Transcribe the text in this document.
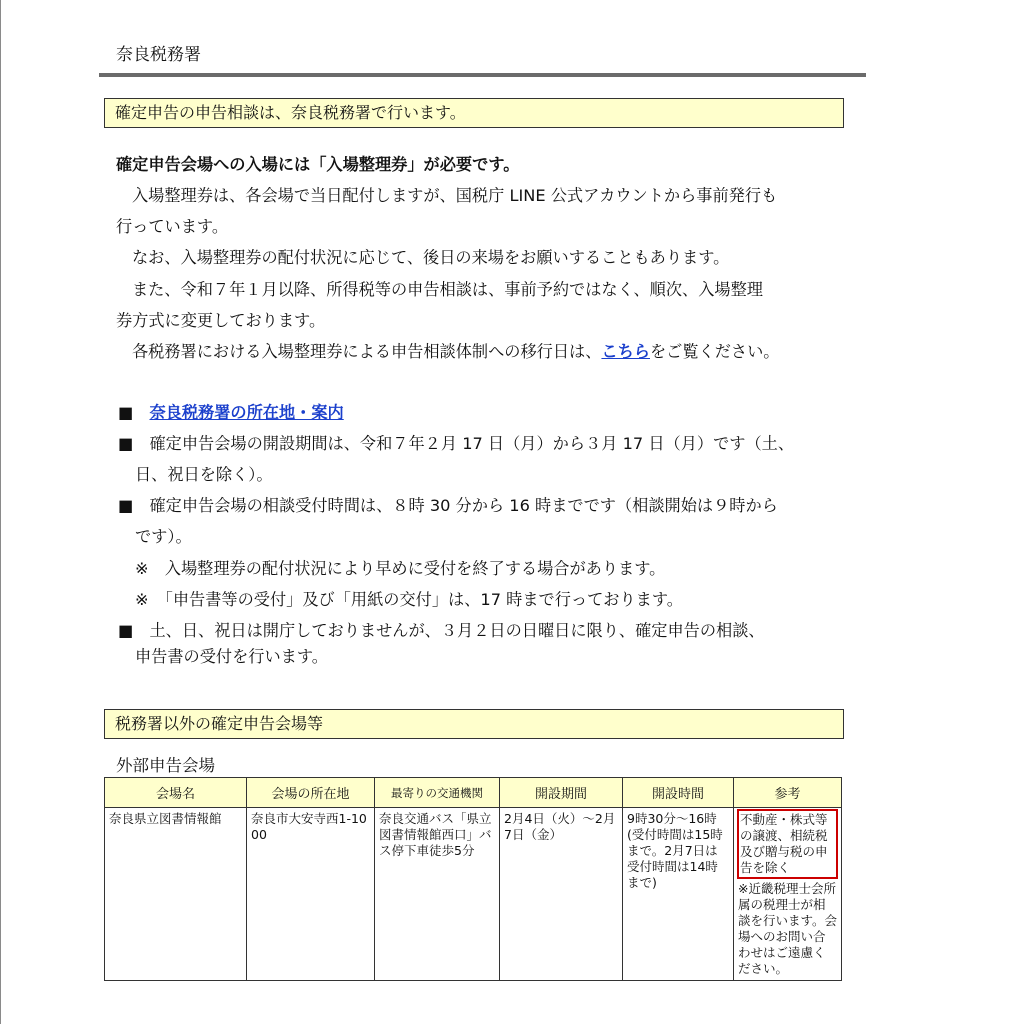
奈良税務署
確定申告の申告相談は、奈良税務署で行います。
確定申告会場への入場には「入場整理券」が必要です。
入場整理券は、各会場で当日配付しますが、国税庁 LINE 公式アカウントから事前発行も
行っています。
なお、入場整理券の配付状況に応じて、後日の来場をお願いすることもあります。
また、令和７年１月以降、所得税等の申告相談は、事前予約ではなく、順次、入場整理
券方式に変更しております。
各税務署における入場整理券による申告相談体制への移行日は、こちらをご覧ください。
■　 奈良税務署の所在地・案内
■　 確定申告会場の開設期間は、令和７年２月 17 日（月）から３月 17 日（月）です（土、
日、祝日を除く）。
■　 確定申告会場の相談受付時間は、８時 30 分から 16 時までです（相談開始は９時から
です）。
※　 入場整理券の配付状況により早めに受付を終了する場合があります。
※　 「申告書等の受付」及び「用紙の交付」は、17 時まで行っております。
■　 土、日、祝日は開庁しておりませんが、３月２日の日曜日に限り、確定申告の相談、
申告書の受付を行います。
税務署以外の確定申告会場等
外部申告会場
会場名	会場の所在地	最寄りの交通機関	開設期間	開設時間	参考
奈良県立図書情報館	奈良市大安寺西1-1000	奈良交通バス「県立図書情報館西口」バス停下車徒歩5分	2月4日（火）～2月7日（金）	9時30分～16時(受付時間は15時まで。2月7日は受付時間は14時まで)	不動産・株式等の譲渡、相続税及び贈与税の申告を除く
※近畿税理士会所属の税理士が相談を行います。会場へのお問い合わせはご遠慮ください。
